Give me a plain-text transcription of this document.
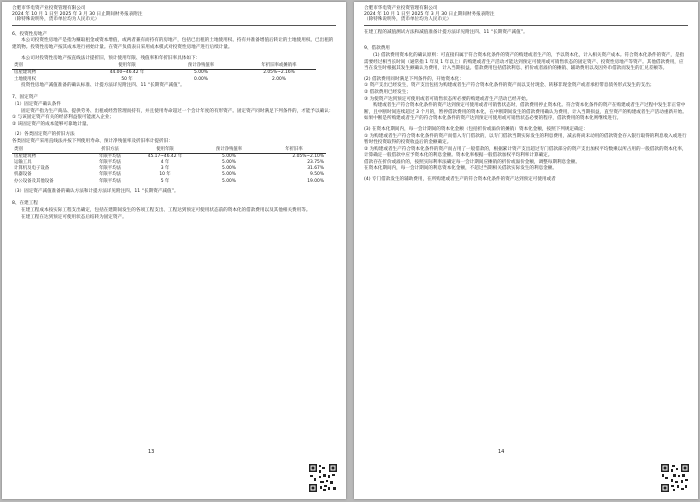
合肥市华电资产业投资管理有限公司
2024 年 10 月 1 日至 2025 年 3 月 30 日止期间财务报表附注
（除特殊说明外，货币单位均为人民币元）
6、投资性房地产

本公司投资性房地产是指为赚取租金或资本增值，或两者兼有而持有的房地产，包括已出租的土地使用权、持有并准备增值后转让的土地使用权、已出租的建筑物。投资性房地产按其成本进行初始计量。在资产负债表日采用成本模式对投资性房地产进行后续计量。

本公司对投资性房地产按直线法计提折旧，预计使用年限、残值率和年折旧率具体如下：

类别	使用年限	预计净残值率	年折旧率或摊销率
房屋建筑物	44.00~46.42 年	5.00%	2.05%~2.16%
土地使用权	50 年	0.00%	2.00%

投资性房地产减值准备的确认标准、计提方法详见附注四、11 “长期资产减值”。

7、固定资产
（1）固定资产确认条件

固定资产指为生产商品、提供劳务、出租或经营管理而持有，并且使用寿命超过一个会计年度的有形资产。固定资产同时满足下列条件的，才能予以确认：

① 与该固定资产有关的经济利益很可能流入企业；
② 该固定资产的成本能够可靠地计量。
（2）各类固定资产的折旧方法
各类固定资产采用直线法并按下列使用寿命、预计净残值率及折旧率计提折旧：
类别	折旧方法	使用年限	预计净残值率	年折旧率
房屋建筑物	年限平均法	45.17~46.42 年	5.00%	2.05%~2.10%
运输工具	年限平均法	4 年	5.00%	23.75%
计算机及电子设备	年限平均法	3 年	5.00%	31.67%
机器设备	年限平均法	10 年	5.00%	9.50%
办公设备及其他设备	年限平均法	5 年	5.00%	19.00%
（3）固定资产减值准备的确认方法和计提方法详见附注四、11 “长期资产减值”。
8、在建工程

在建工程成本按实际工程支出确定，包括在建期间发生的各项工程支出、工程达到预定可使用状态前的资本化的借款费用以及其他相关费用等。

在建工程在达到预定可使用状态后结转为固定资产。

13
合肥市华电资产业投资管理有限公司
2024 年 10 月 1 日至 2025 年 3 月 30 日止期间财务报表附注
（除特殊说明外，货币单位均为人民币元）
在建工程的减值测试方法和减值准备计提方法详见附注四、11 “长期资产减值”。
9、借款费用

(1) 借款费用资本化的确认原则：可直接归属于符合资本化条件的资产的购建或者生产的，予以资本化，计入相关资产成本。符合资本化条件的资产，是指需要经过相当长时间（通常指 1 年及 1 年以上）的购建或者生产活动才能达到预定可使用或可销售状态的固定资产、投资性房地产等资产。其他借款费用，应当在发生时根据其发生额确认为费用，计入当期损益。借款费用包括借款利息、折价或者溢价的摊销、辅助费用以及因外币借款而发生的汇兑差额等。

(2) 借款费用同时满足下列条件的，开始资本化：
① 资产支出已经发生，资产支出包括为购建或者生产符合资本化条件的资产而以支付现金、转移非现金资产或者承担带息债务形式发生的支出；
② 借款费用已经发生；
③ 为使资产达到预定可使用或者可销售状态所必要的购建或者生产活动已经开始。

购建或者生产符合资本化条件的资产达到预定可使用或者可销售状态时，借款费用停止资本化。符合资本化条件的资产在购建或者生产过程中发生非正常中断，且中断时间连续超过 3 个月的，暂停借款费用的资本化，在中断期间发生的借款费用确认为费用，计入当期损益，直至资产的购建或者生产活动重新开始。如果中断是所购建或者生产的符合资本化条件的资产达到预定可使用或可销售状态必要的程序，借款费用的资本化则继续进行。

(3) 在资本化期间内，每一会计期间的资本化金额（包括折价或溢价的摊销）资本化金额，按照下列规定确定：
① 为购建或者生产符合资本化条件的资产而借入专门借款的，以专门借款当期实际发生的利息费用，减去将尚未动用的借款资金存入银行取得的利息收入或进行暂时性投资取得的投资收益后的金额确定。
② 为购建或者生产符合资本化条件的资产而占用了一般借款的，根据累计资产支出超过专门借款部分的资产支出加权平均数乘以所占用的一般借款的资本化率，计算确定一般借款中应予资本化的利息金额。资本化率根据一般借款加权平均利率计算确定。
借款存在折价或溢价的，按照实际利率法确定每一会计期间应摊销的折价或溢价金额，调整每期利息金额。
在资本化期间内，每一会计期间的利息资本化金额，不超过当期相关借款实际发生的利息金额。
(4) 专门借款发生的辅助费用，在所购建或者生产的符合资本化条件的资产达到预定可使用或者
14
